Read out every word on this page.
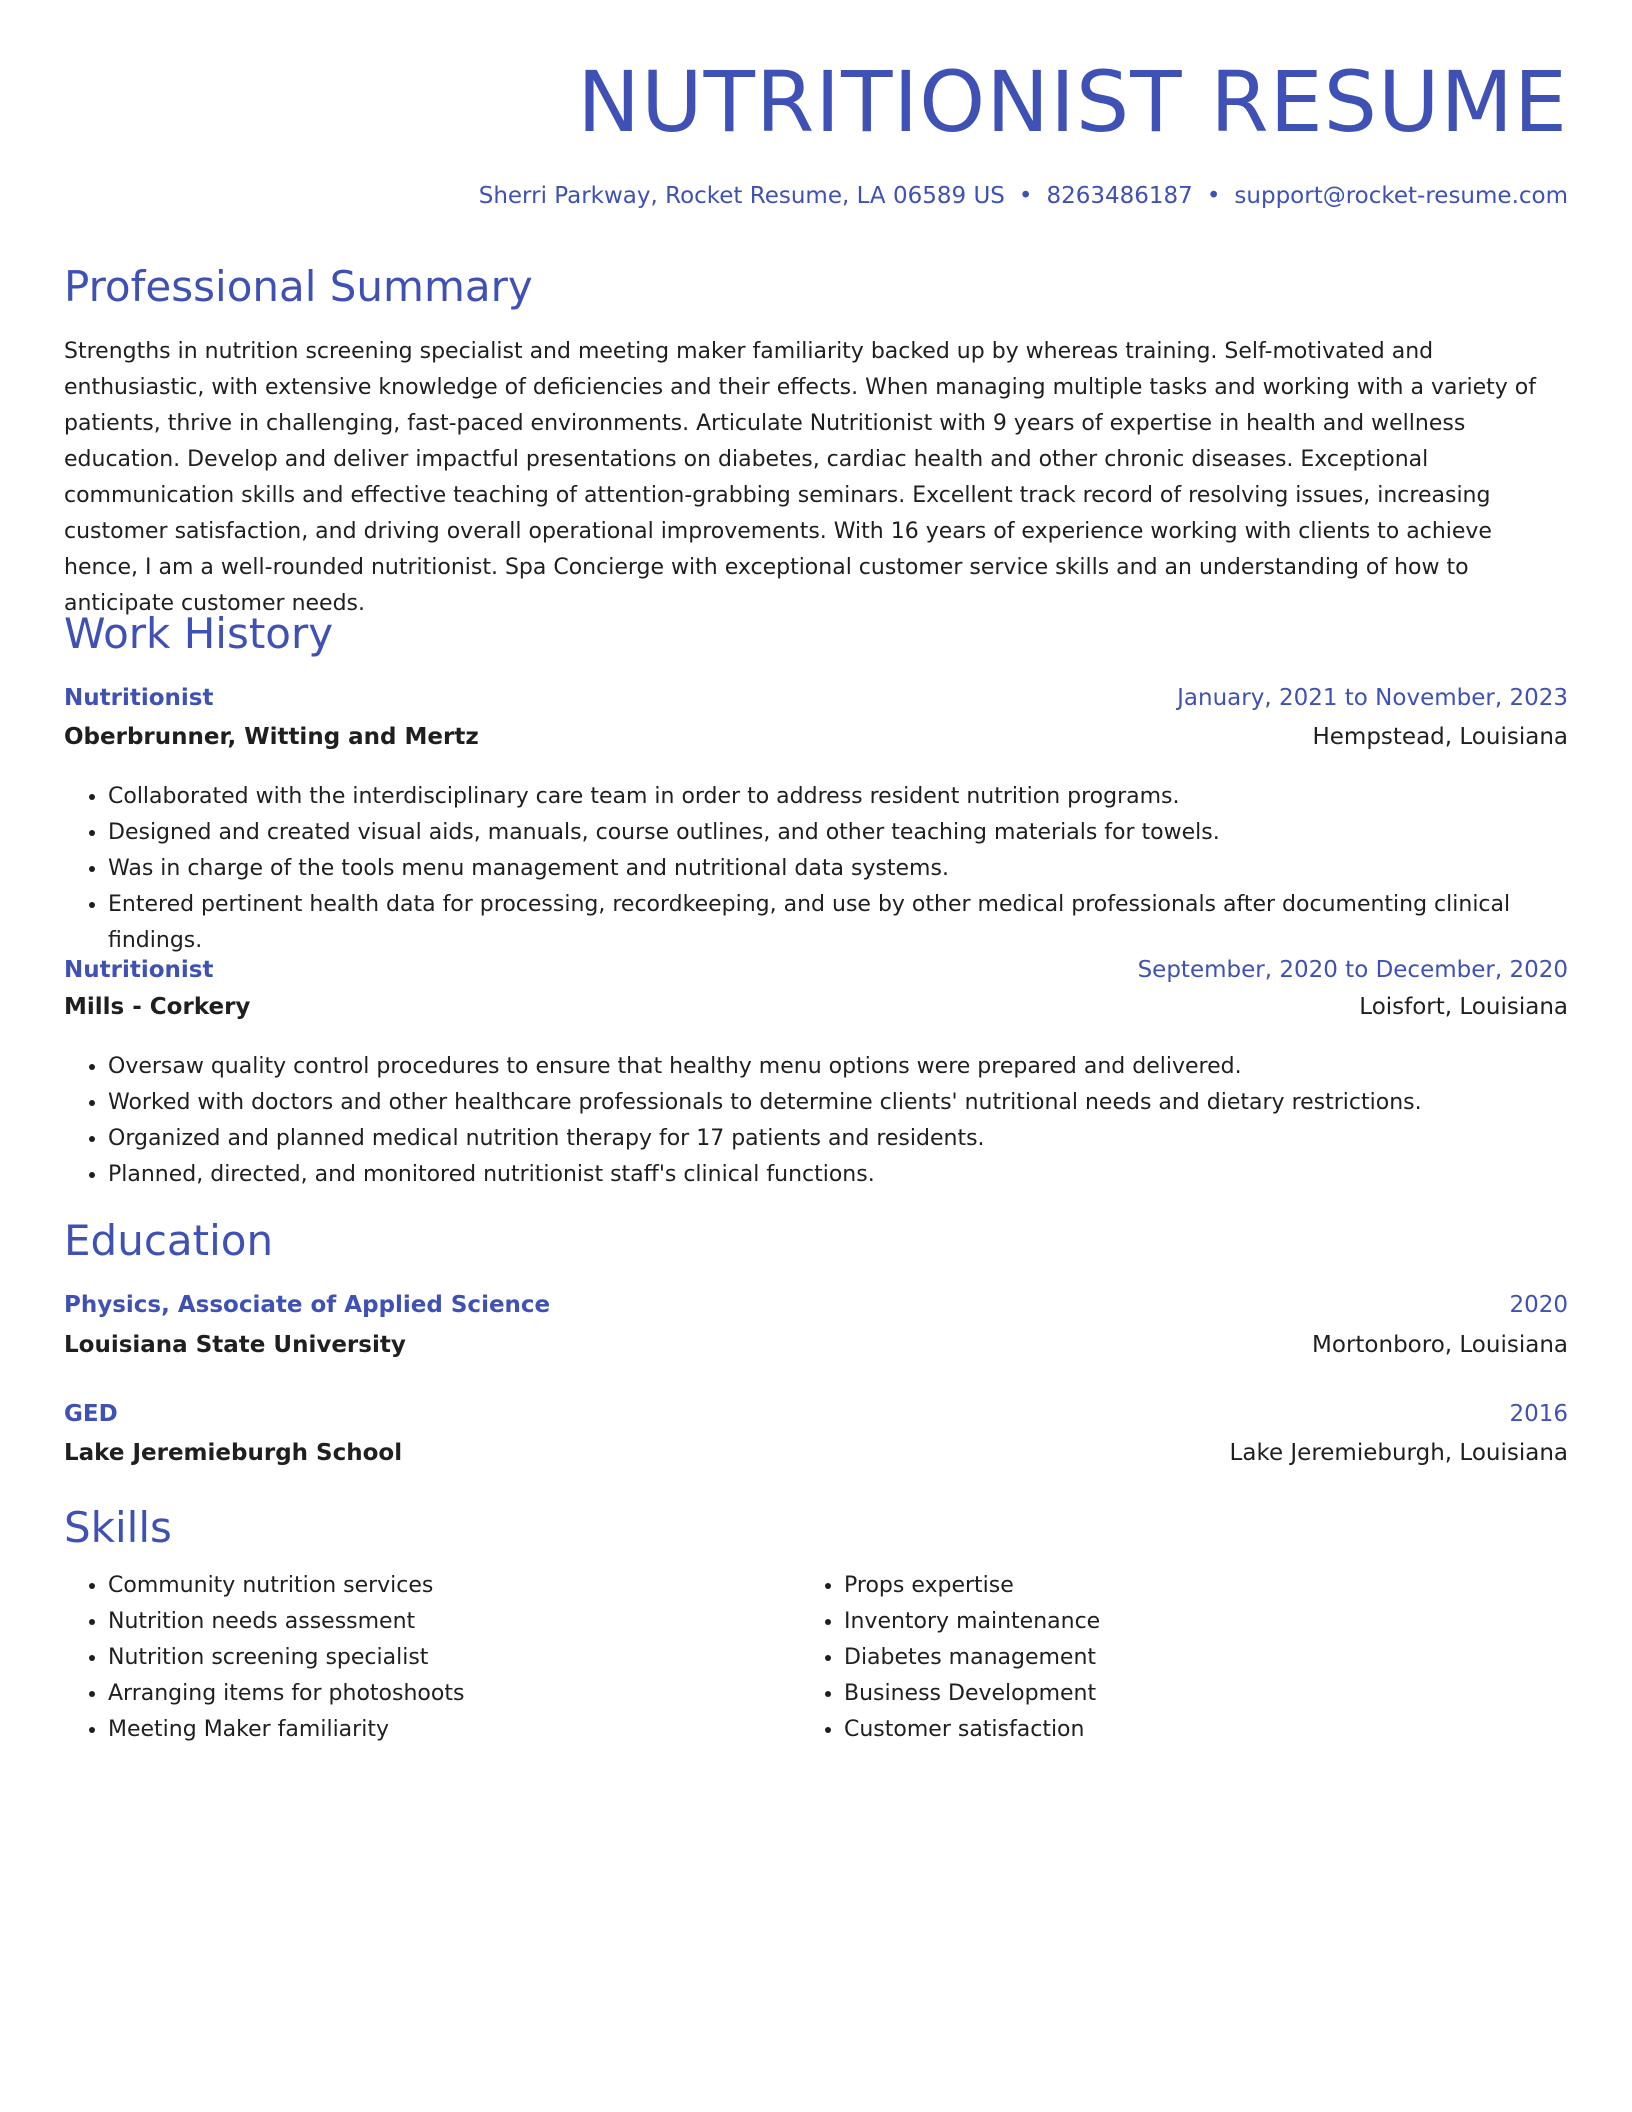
NUTRITIONIST RESUME
Sherri Parkway, Rocket Resume, LA 06589 US • 8263486187 • support@rocket-resume.com
Professional Summary

Strengths in nutrition screening specialist and meeting maker familiarity backed up by whereas training. Self-motivated and enthusiastic, with extensive knowledge of deficiencies and their effects. When managing multiple tasks and working with a variety of patients, thrive in challenging, fast-paced environments. Articulate Nutritionist with 9 years of expertise in health and wellness education. Develop and deliver impactful presentations on diabetes, cardiac health and other chronic diseases. Exceptional communication skills and effective teaching of attention-grabbing seminars. Excellent track record of resolving issues, increasing customer satisfaction, and driving overall operational improvements. With 16 years of experience working with clients to achieve hence, I am a well-rounded nutritionist. Spa Concierge with exceptional customer service skills and an understanding of how to anticipate customer needs.

Work History
Nutritionist	January, 2021 to November, 2023
Oberbrunner, Witting and Mertz	Hempstead, Louisiana
• Collaborated with the interdisciplinary care team in order to address resident nutrition programs.
• Designed and created visual aids, manuals, course outlines, and other teaching materials for towels.
• Was in charge of the tools menu management and nutritional data systems.
• Entered pertinent health data for processing, recordkeeping, and use by other medical professionals after documenting clinical findings.
Nutritionist	September, 2020 to December, 2020
Mills - Corkery	Loisfort, Louisiana
• Oversaw quality control procedures to ensure that healthy menu options were prepared and delivered.
• Worked with doctors and other healthcare professionals to determine clients' nutritional needs and dietary restrictions.
• Organized and planned medical nutrition therapy for 17 patients and residents.
• Planned, directed, and monitored nutritionist staff's clinical functions.
Education
Physics, Associate of Applied Science	2020
Louisiana State University	Mortonboro, Louisiana
GED	2016
Lake Jeremieburgh School	Lake Jeremieburgh, Louisiana
Skills
• Community nutrition services
• Nutrition needs assessment
• Nutrition screening specialist
• Arranging items for photoshoots
• Meeting Maker familiarity
• Props expertise
• Inventory maintenance
• Diabetes management
• Business Development
• Customer satisfaction
